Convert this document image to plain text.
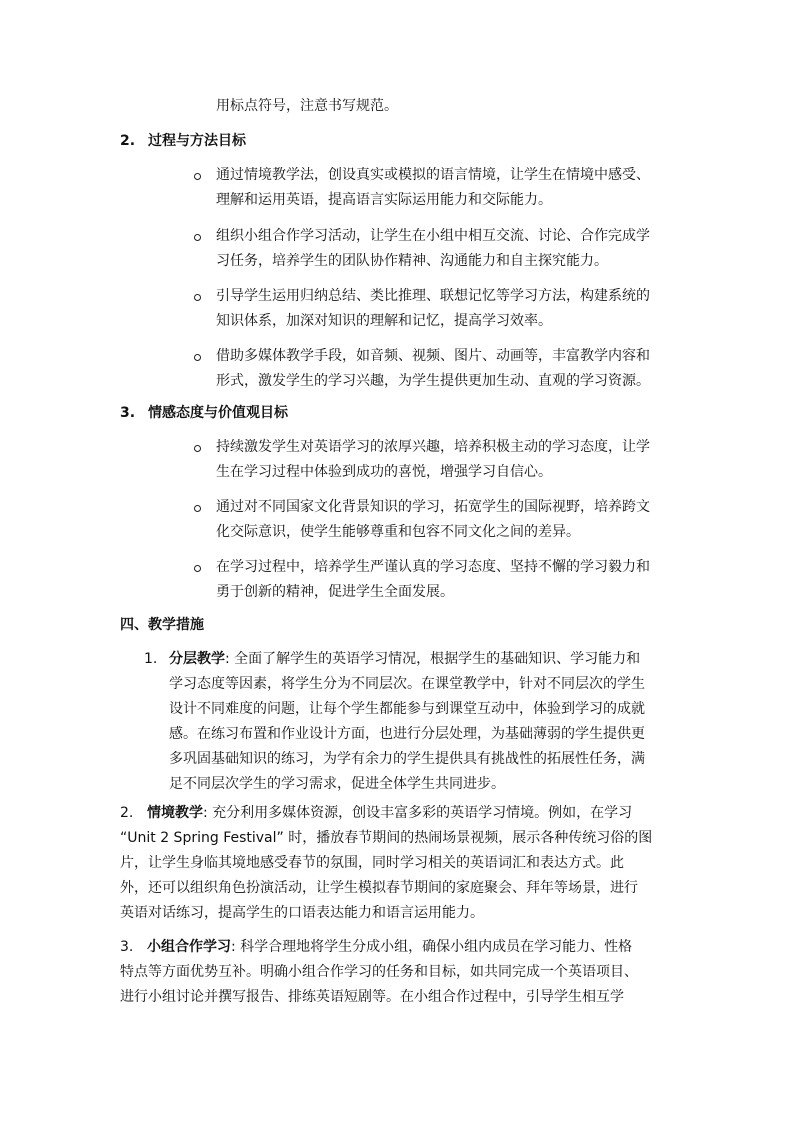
用标点符号，注意书写规范。
2. 过程与方法目标
通过情境教学法，创设真实或模拟的语言情境，让学生在情境中感受、
理解和运用英语，提高语言实际运用能力和交际能力。
组织小组合作学习活动，让学生在小组中相互交流、讨论、合作完成学
习任务，培养学生的团队协作精神、沟通能力和自主探究能力。
引导学生运用归纳总结、类比推理、联想记忆等学习方法，构建系统的
知识体系，加深对知识的理解和记忆，提高学习效率。
借助多媒体教学手段，如音频、视频、图片、动画等，丰富教学内容和
形式，激发学生的学习兴趣，为学生提供更加生动、直观的学习资源。
3. 情感态度与价值观目标
持续激发学生对英语学习的浓厚兴趣，培养积极主动的学习态度，让学
生在学习过程中体验到成功的喜悦，增强学习自信心。
通过对不同国家文化背景知识的学习，拓宽学生的国际视野，培养跨文
化交际意识，使学生能够尊重和包容不同文化之间的差异。
在学习过程中，培养学生严谨认真的学习态度、坚持不懈的学习毅力和
勇于创新的精神，促进学生全面发展。
四、教学措施
1. 分层教学: 全面了解学生的英语学习情况，根据学生的基础知识、学习能力和
学习态度等因素，将学生分为不同层次。在课堂教学中，针对不同层次的学生
设计不同难度的问题，让每个学生都能参与到课堂互动中，体验到学习的成就
感。在练习布置和作业设计方面，也进行分层处理，为基础薄弱的学生提供更
多巩固基础知识的练习，为学有余力的学生提供具有挑战性的拓展性任务，满
足不同层次学生的学习需求，促进全体学生共同进步。
2. 情境教学: 充分利用多媒体资源，创设丰富多彩的英语学习情境。例如，在学习
“Unit 2 Spring Festival” 时，播放春节期间的热闹场景视频，展示各种传统习俗的图
片，让学生身临其境地感受春节的氛围，同时学习相关的英语词汇和表达方式。此
外，还可以组织角色扮演活动，让学生模拟春节期间的家庭聚会、拜年等场景，进行
英语对话练习，提高学生的口语表达能力和语言运用能力。
3. 小组合作学习: 科学合理地将学生分成小组，确保小组内成员在学习能力、性格
特点等方面优势互补。明确小组合作学习的任务和目标，如共同完成一个英语项目、
进行小组讨论并撰写报告、排练英语短剧等。在小组合作过程中，引导学生相互学
